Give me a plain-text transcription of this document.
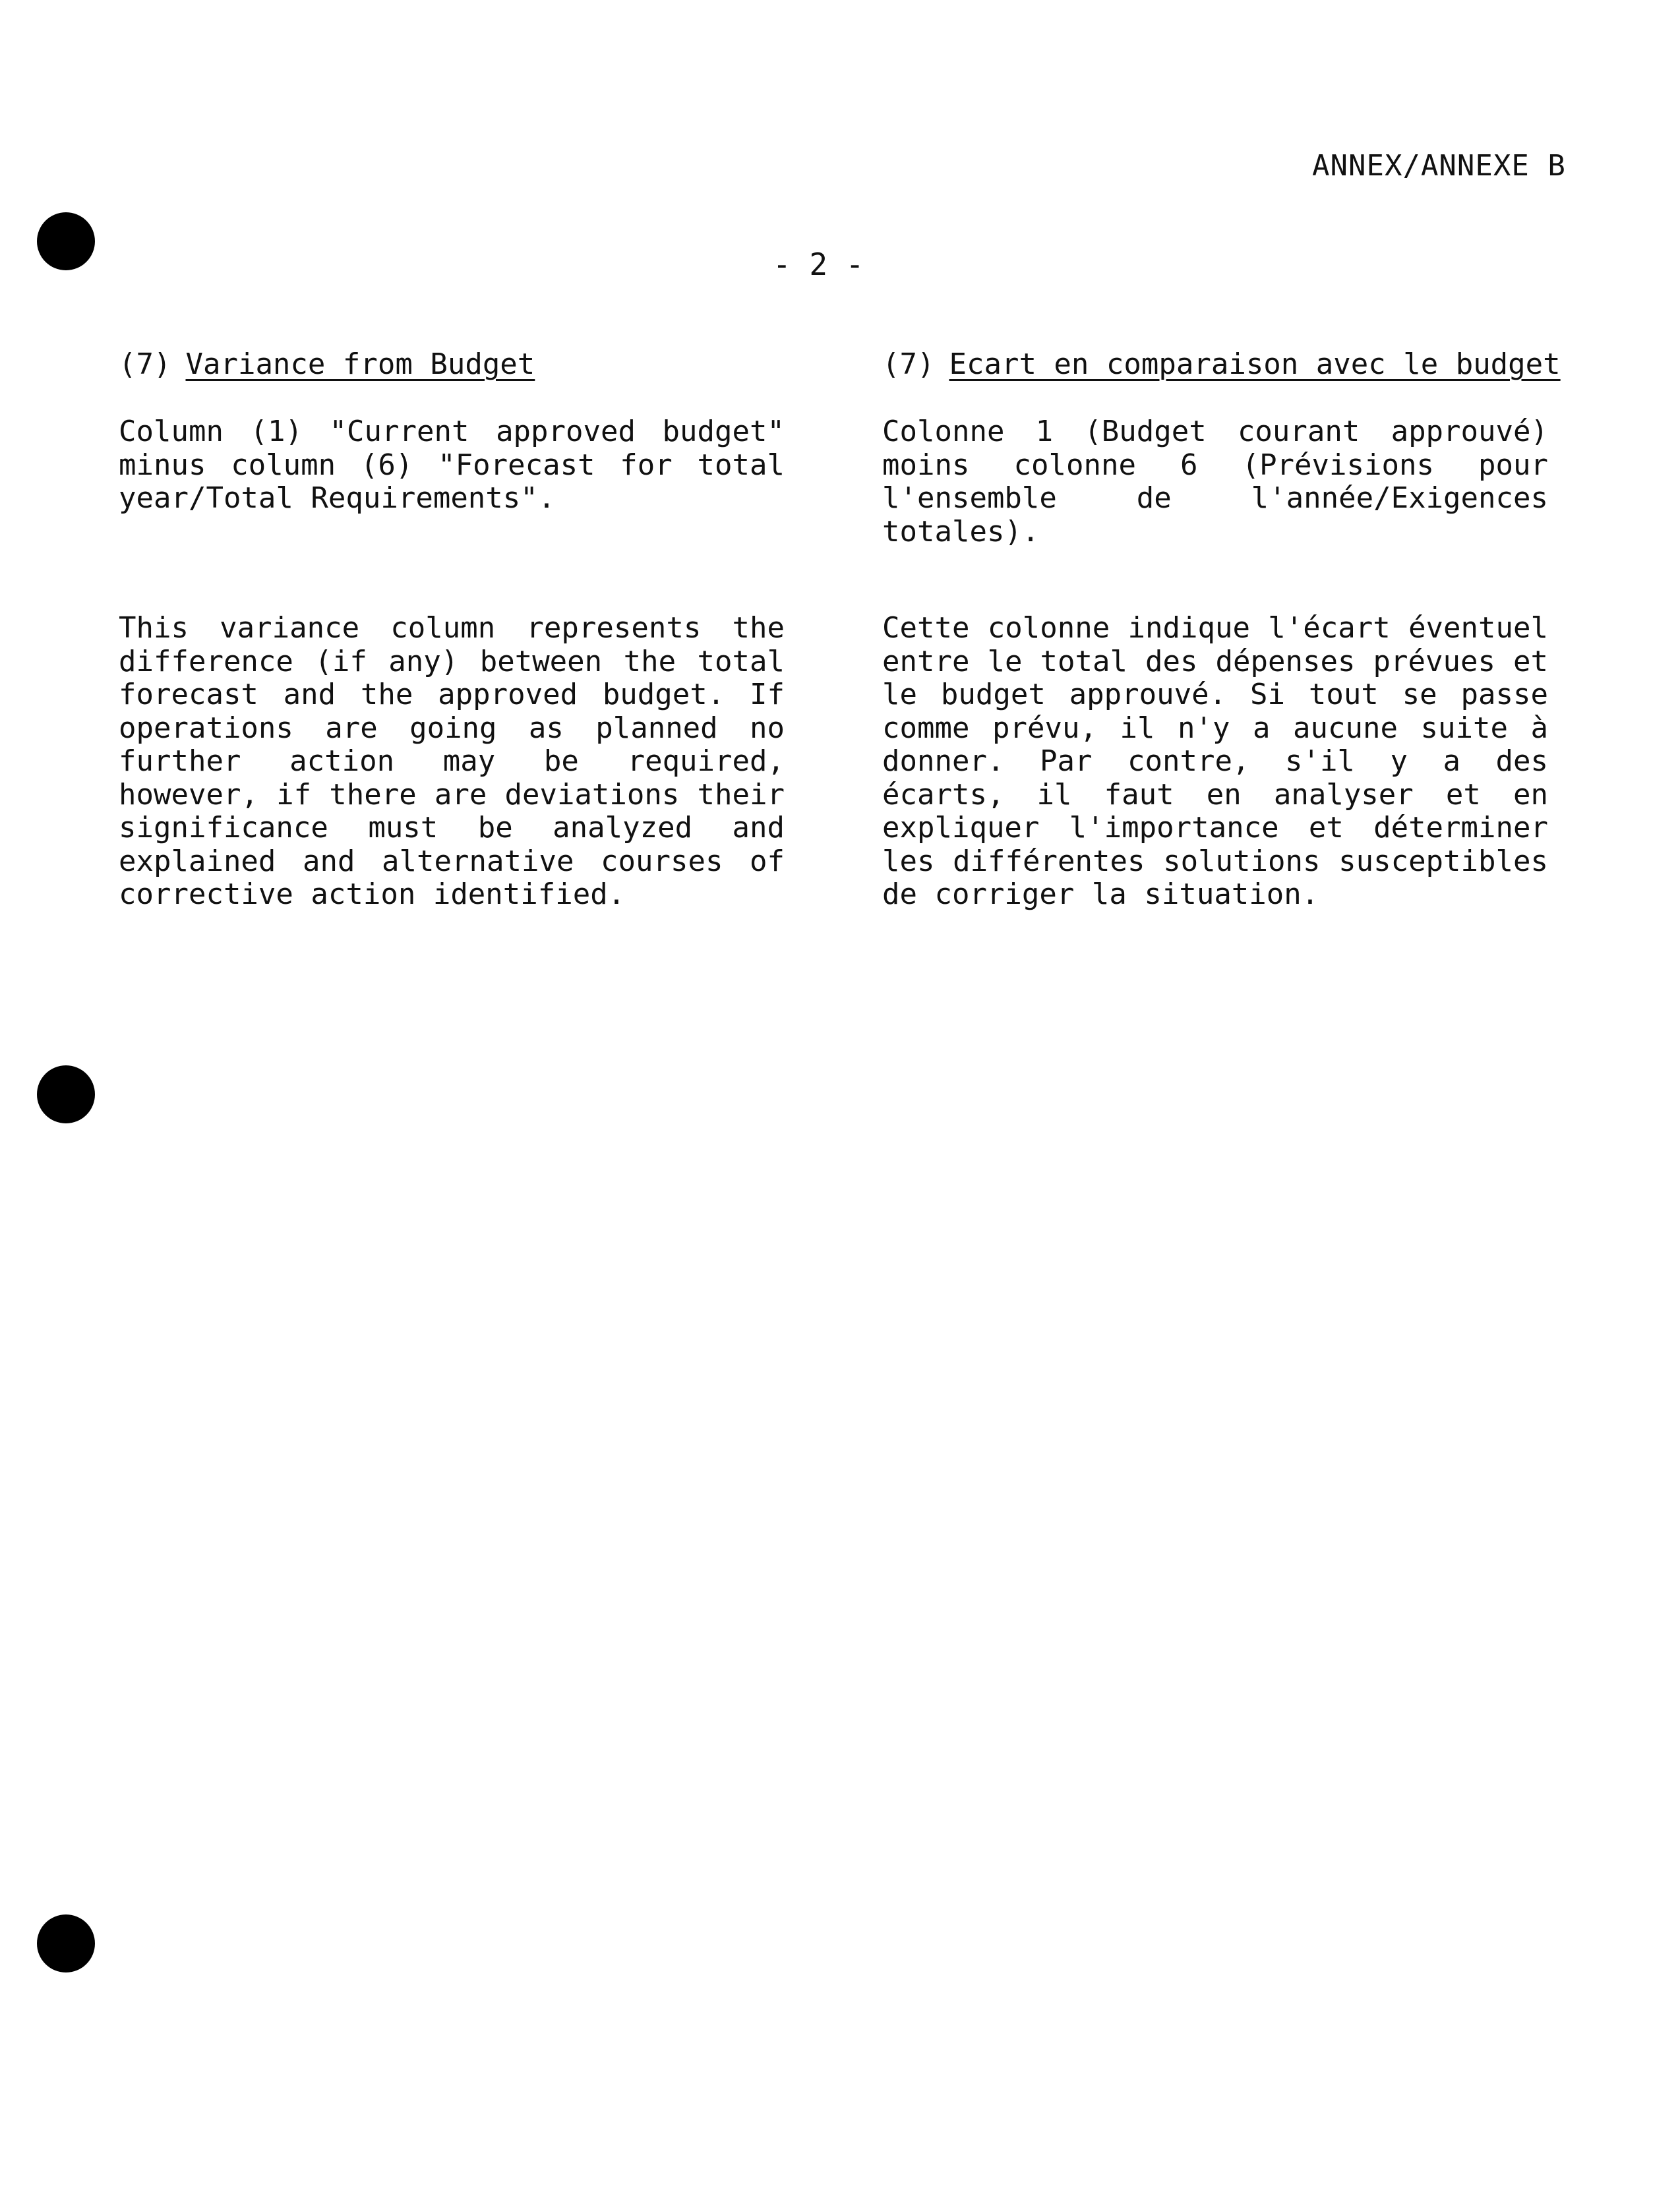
ANNEX/ANNEXE B
- 2 -
(7) Variance from Budget

Column (1) "Current approved budget" minus column (6) "Forecast for total year/Total Requirements".

This variance column represents the difference (if any) between the total forecast and the approved budget. If operations are going as planned no further action may be required, however, if there are deviations their significance must be analyzed and explained and alternative courses of corrective action identified.

(7) Ecart en comparaison avec le budget

Colonne 1 (Budget courant approuvé) moins colonne 6 (Prévisions pour l'ensemble de l'année/Exigences totales).

Cette colonne indique l'écart éventuel entre le total des dépenses prévues et le budget approuvé. Si tout se passe comme prévu, il n'y a aucune suite à donner. Par contre, s'il y a des écarts, il faut en analyser et en expliquer l'importance et déterminer les différentes solutions susceptibles de corriger la situation.
